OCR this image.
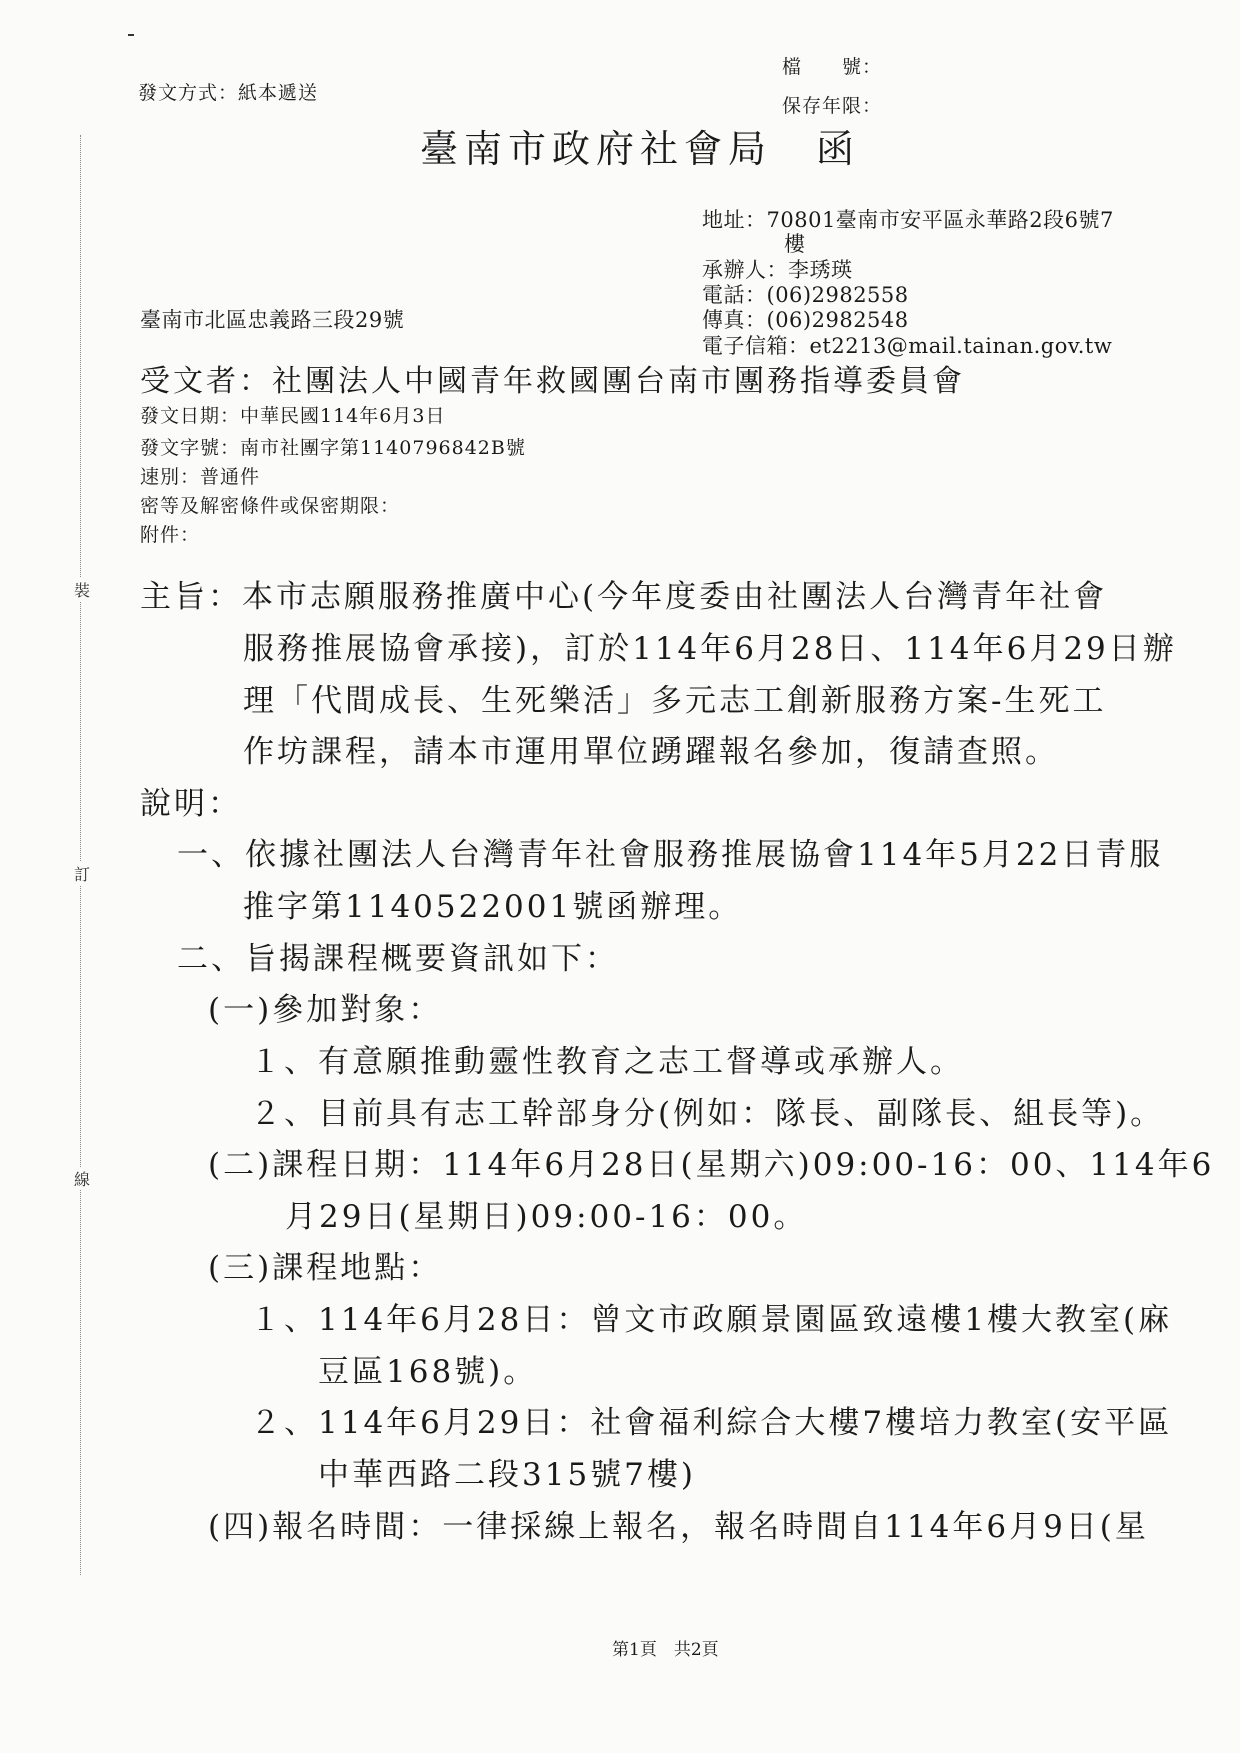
裝
訂
線
發文方式：紙本遞送
檔　　號：
保存年限：
臺南市政府社會局　函
地址：70801臺南市安平區永華路2段6號7
樓
承辦人：李琇瑛
電話：(06)2982558
傳真：(06)2982548
電子信箱：et2213@mail.tainan.gov.tw
臺南市北區忠義路三段29號
受文者：社團法人中國青年救國團台南市團務指導委員會
發文日期：中華民國114年6月3日
發文字號：南市社團字第1140796842B號
速別：普通件
密等及解密條件或保密期限：
附件：
主旨：本市志願服務推廣中心(今年度委由社團法人台灣青年社會
服務推展協會承接)，訂於114年6月28日、114年6月29日辦
理「代間成長、生死樂活」多元志工創新服務方案-生死工
作坊課程，請本市運用單位踴躍報名參加，復請查照。
說明：
一、依據社團法人台灣青年社會服務推展協會114年5月22日青服
推字第1140522001號函辦理。
二、旨揭課程概要資訊如下：
(一)參加對象：
１、有意願推動靈性教育之志工督導或承辦人。
２、目前具有志工幹部身分(例如：隊長、副隊長、組長等)。
(二)課程日期：114年6月28日(星期六)09:00-16：00、114年6
月29日(星期日)09:00-16：00。
(三)課程地點：
１、114年6月28日：曾文市政願景園區致遠樓1樓大教室(麻
豆區168號)。
２、114年6月29日：社會福利綜合大樓7樓培力教室(安平區
中華西路二段315號7樓)
(四)報名時間：一律採線上報名，報名時間自114年6月9日(星
第1頁　共2頁
